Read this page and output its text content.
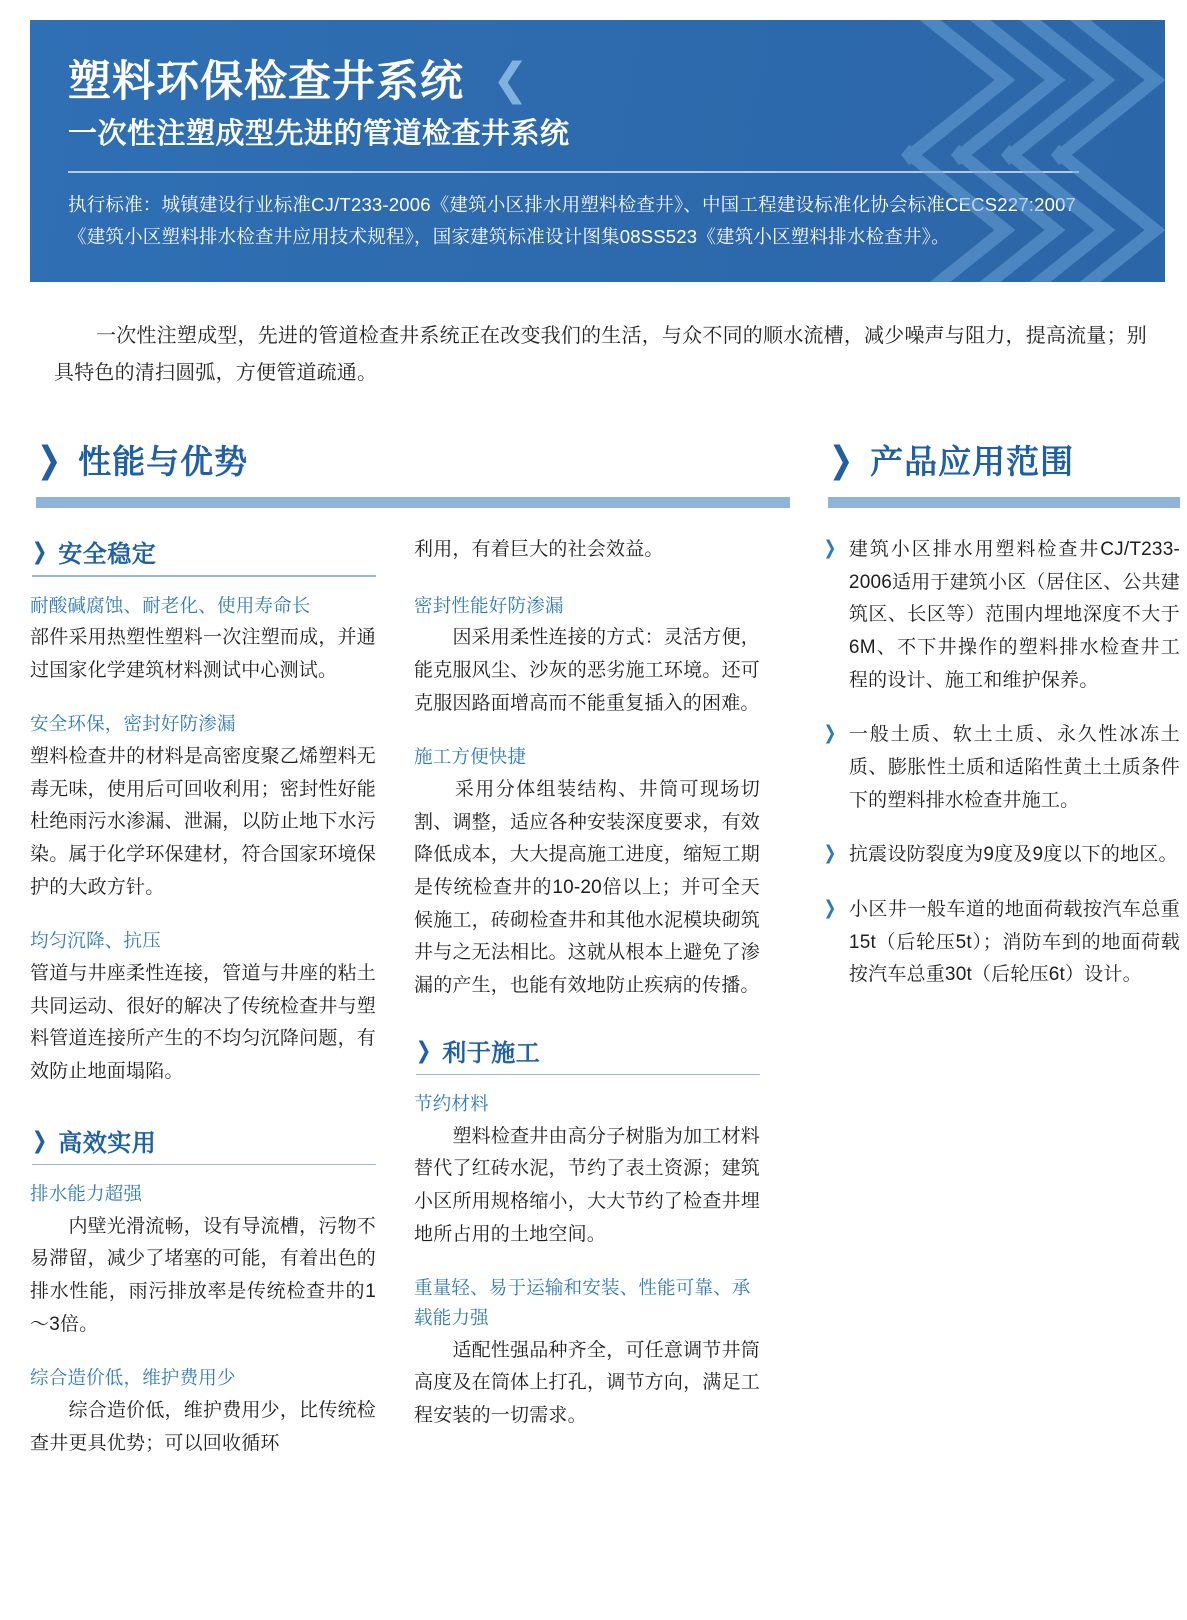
塑料环保检查井系统 ❮
一次性注塑成型先进的管道检查井系统

执行标准：城镇建设行业标准CJ/T233-2006《建筑小区排水用塑料检查井》、中国工程建设标准化协会标准CECS227:2007《建筑小区塑料排水检查井应用技术规程》，国家建筑标准设计图集08SS523《建筑小区塑料排水检查井》。

一次性注塑成型，先进的管道检查井系统正在改变我们的生活，与众不同的顺水流槽，减少噪声与阻力，提高流量；别具特色的清扫圆弧，方便管道疏通。
❯ 性能与优势
❯ 安全稳定
耐酸碱腐蚀、耐老化、使用寿命长
部件采用热塑性塑料一次注塑而成，并通过国家化学建筑材料测试中心测试。
安全环保，密封好防渗漏
塑料检查井的材料是高密度聚乙烯塑料无毒无味，使用后可回收利用；密封性好能杜绝雨污水渗漏、泄漏，以防止地下水污染。属于化学环保建材，符合国家环境保护的大政方针。
均匀沉降、抗压
管道与井座柔性连接，管道与井座的粘土共同运动、很好的解决了传统检查井与塑料管道连接所产生的不均匀沉降问题，有效防止地面塌陷。
❯ 高效实用
排水能力超强
　　内壁光滑流畅，设有导流槽，污物不易滞留，减少了堵塞的可能，有着出色的排水性能，雨污排放率是传统检查井的1～3倍。
综合造价低，维护费用少
　　综合造价低，维护费用少，比传统检查井更具优势；可以回收循环
利用，有着巨大的社会效益。
密封性能好防渗漏
　　因采用柔性连接的方式：灵活方便，能克服风尘、沙灰的恶劣施工环境。还可克服因路面增高而不能重复插入的困难。
施工方便快捷
　　采用分体组装结构、井筒可现场切割、调整，适应各种安装深度要求，有效降低成本，大大提高施工进度，缩短工期是传统检查井的10-20倍以上；并可全天候施工，砖砌检查井和其他水泥模块砌筑井与之无法相比。这就从根本上避免了渗漏的产生，也能有效地防止疾病的传播。
❯ 利于施工
节约材料
　　塑料检查井由高分子树脂为加工材料替代了红砖水泥，节约了表土资源；建筑小区所用规格缩小，大大节约了检查井埋地所占用的土地空间。
重量轻、易于运输和安装、性能可靠、承载能力强
　　适配性强品种齐全，可任意调节井筒高度及在筒体上打孔，调节方向，满足工程安装的一切需求。
❯ 产品应用范围
❯ 建筑小区排水用塑料检查井CJ/T233-2006适用于建筑小区（居住区、公共建筑区、长区等）范围内埋地深度不大于6M、不下井操作的塑料排水检查井工程的设计、施工和维护保养。
❯ 一般土质、软土土质、永久性冰冻土质、膨胀性土质和适陷性黄土土质条件下的塑料排水检查井施工。
❯ 抗震设防裂度为9度及9度以下的地区。
❯ 小区井一般车道的地面荷载按汽车总重15t（后轮压5t）；消防车到的地面荷载按汽车总重30t（后轮压6t）设计。
